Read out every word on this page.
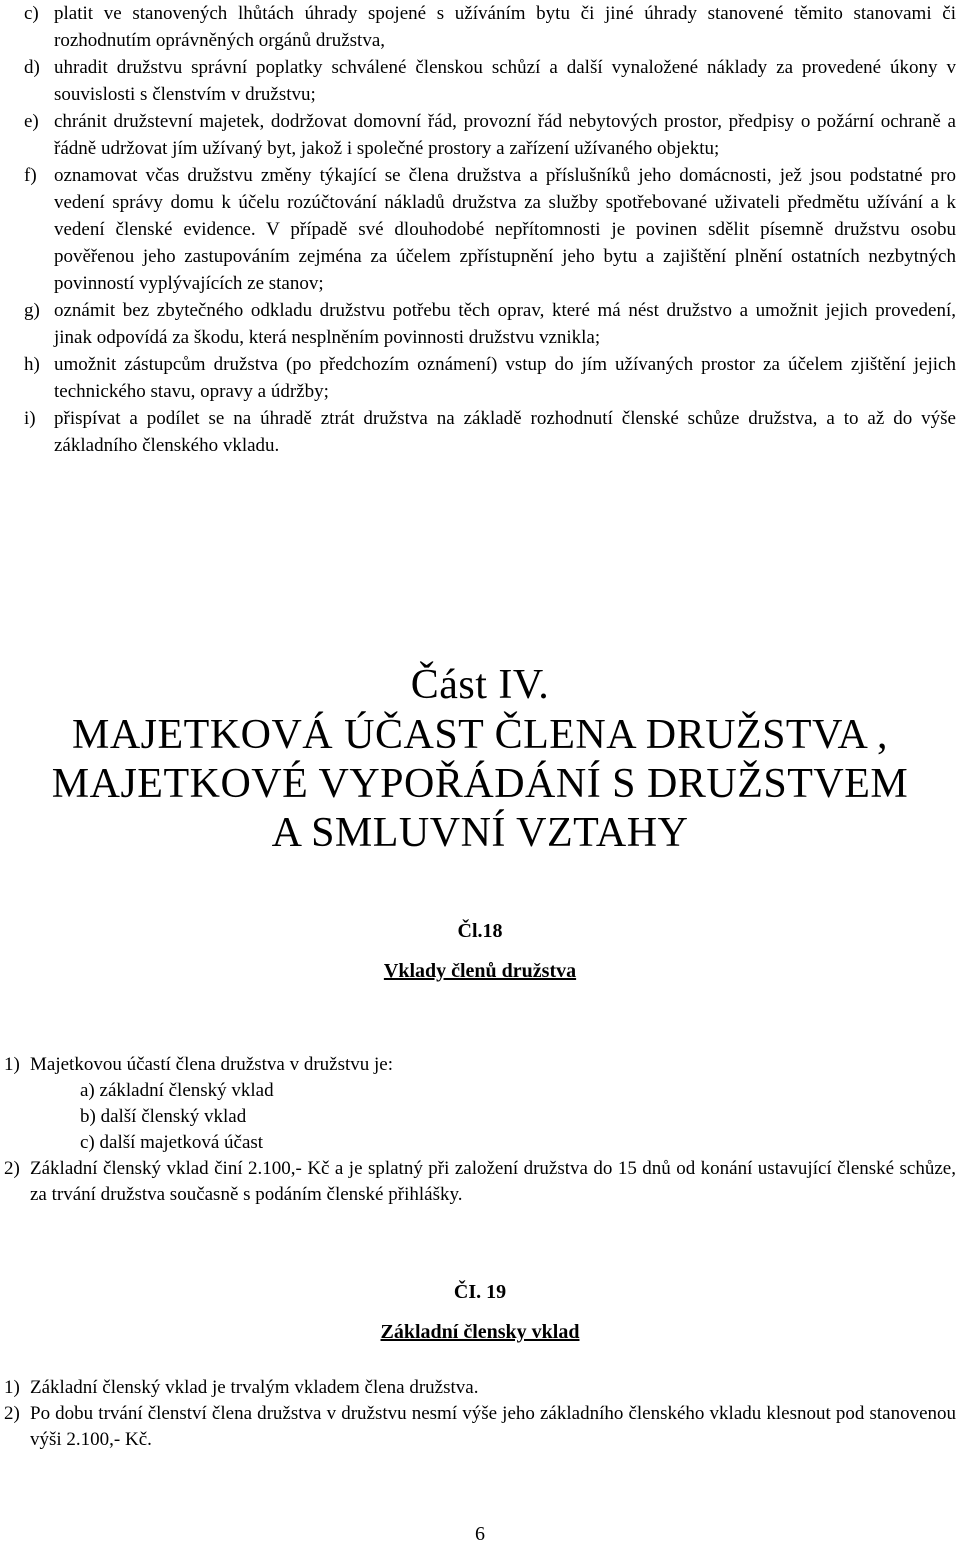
c) platit ve stanovených lhůtách úhrady spojené s užíváním bytu či jiné úhrady stanovené těmito stanovami či rozhodnutím oprávněných orgánů družstva,
d) uhradit družstvu správní poplatky schválené členskou schůzí a další vynaložené náklady za provedené úkony v souvislosti s členstvím v družstvu;
e) chránit družstevní majetek, dodržovat domovní řád, provozní řád nebytových prostor, předpisy o požární ochraně a řádně udržovat jím užívaný byt, jakož i společné prostory a zařízení užívaného objektu;
f) oznamovat včas družstvu změny týkající se člena družstva a příslušníků jeho domácnosti, jež jsou podstatné pro vedení správy domu k účelu rozúčtování nákladů družstva za služby spotřebované uživateli předmětu užívání a k vedení členské evidence. V případě své dlouhodobé nepřítomnosti je povinen sdělit písemně družstvu osobu pověřenou jeho zastupováním zejména za účelem zpřístupnění jeho bytu a zajištění plnění ostatních nezbytných povinností vyplývajících ze stanov;
g) oznámit bez zbytečného odkladu družstvu potřebu těch oprav, které má nést družstvo a umožnit jejich provedení, jinak odpovídá za škodu, která nesplněním povinnosti družstvu vznikla;
h) umožnit zástupcům družstva (po předchozím oznámení) vstup do jím užívaných prostor za účelem zjištění jejich technického stavu, opravy a údržby;
i) přispívat a podílet se na úhradě ztrát družstva na základě rozhodnutí členské schůze družstva, a to až do výše základního členského vkladu.
Část IV.
MAJETKOVÁ ÚČAST ČLENA DRUŽSTVA ,
MAJETKOVÉ VYPOŘÁDÁNÍ S DRUŽSTVEM
A SMLUVNÍ VZTAHY
Čl.18
Vklady členů družstva
1) Majetkovou účastí člena družstva v družstvu je:
a) základní členský vklad
b) další členský vklad
c) další majetková účast
2) Základní členský vklad činí 2.100,- Kč a je splatný při založení družstva do 15 dnů od konání ustavující členské schůze, za trvání družstva současně s podáním členské přihlášky.
ČI. 19
Základní člensky vklad
1) Základní členský vklad je trvalým vkladem člena družstva.
2) Po dobu trvání členství člena družstva v družstvu nesmí výše jeho základního členského vkladu klesnout pod stanovenou výši 2.100,- Kč.
6
